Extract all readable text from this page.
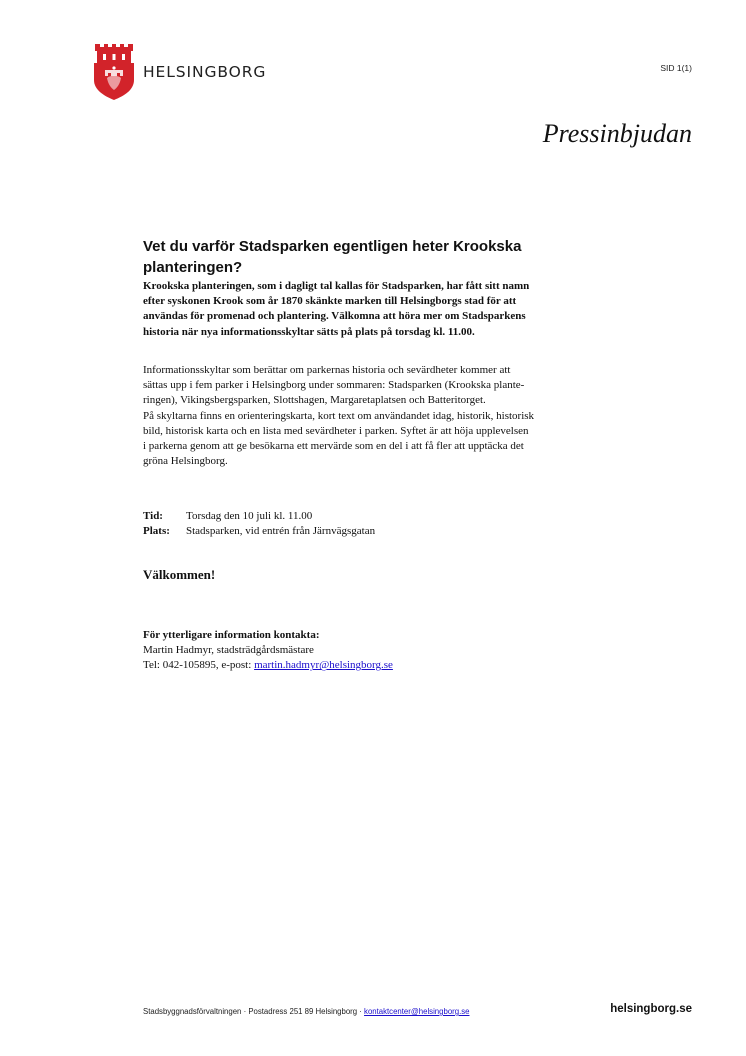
HELSINGBORG	SID 1(1)
Pressinbjudan
Vet du varför Stadsparken egentligen heter Krookska
planteringen?
Krookska planteringen, som i dagligt tal kallas för Stadsparken, har fått sitt namn
efter syskonen Krook som år 1870 skänkte marken till Helsingborgs stad för att
användas för promenad och plantering. Välkomna att höra mer om Stadsparkens
historia när nya informationsskyltar sätts på plats på torsdag kl. 11.00.
Informationsskyltar som berättar om parkernas historia och sevärdheter kommer att
sättas upp i fem parker i Helsingborg under sommaren: Stadsparken (Krookska plante-
ringen), Vikingsbergsparken, Slottshagen, Margaretaplatsen och Batteritorget.
På skyltarna finns en orienteringskarta, kort text om användandet idag, historik, historisk
bild, historisk karta och en lista med sevärdheter i parken. Syftet är att höja upplevelsen
i parkerna genom att ge besökarna ett mervärde som en del i att få fler att upptäcka det
gröna Helsingborg.
Tid: Torsdag den 10 juli kl. 11.00
Plats: Stadsparken, vid entrén från Järnvägsgatan
Välkommen!
För ytterligare information kontakta:
Martin Hadmyr, stadsträdgårdsmästare
Tel: 042-105895, e-post: martin.hadmyr@helsingborg.se
Stadsbyggnadsförvaltningen · Postadress 251 89 Helsingborg · kontaktcenter@helsingborg.se	helsingborg.se
